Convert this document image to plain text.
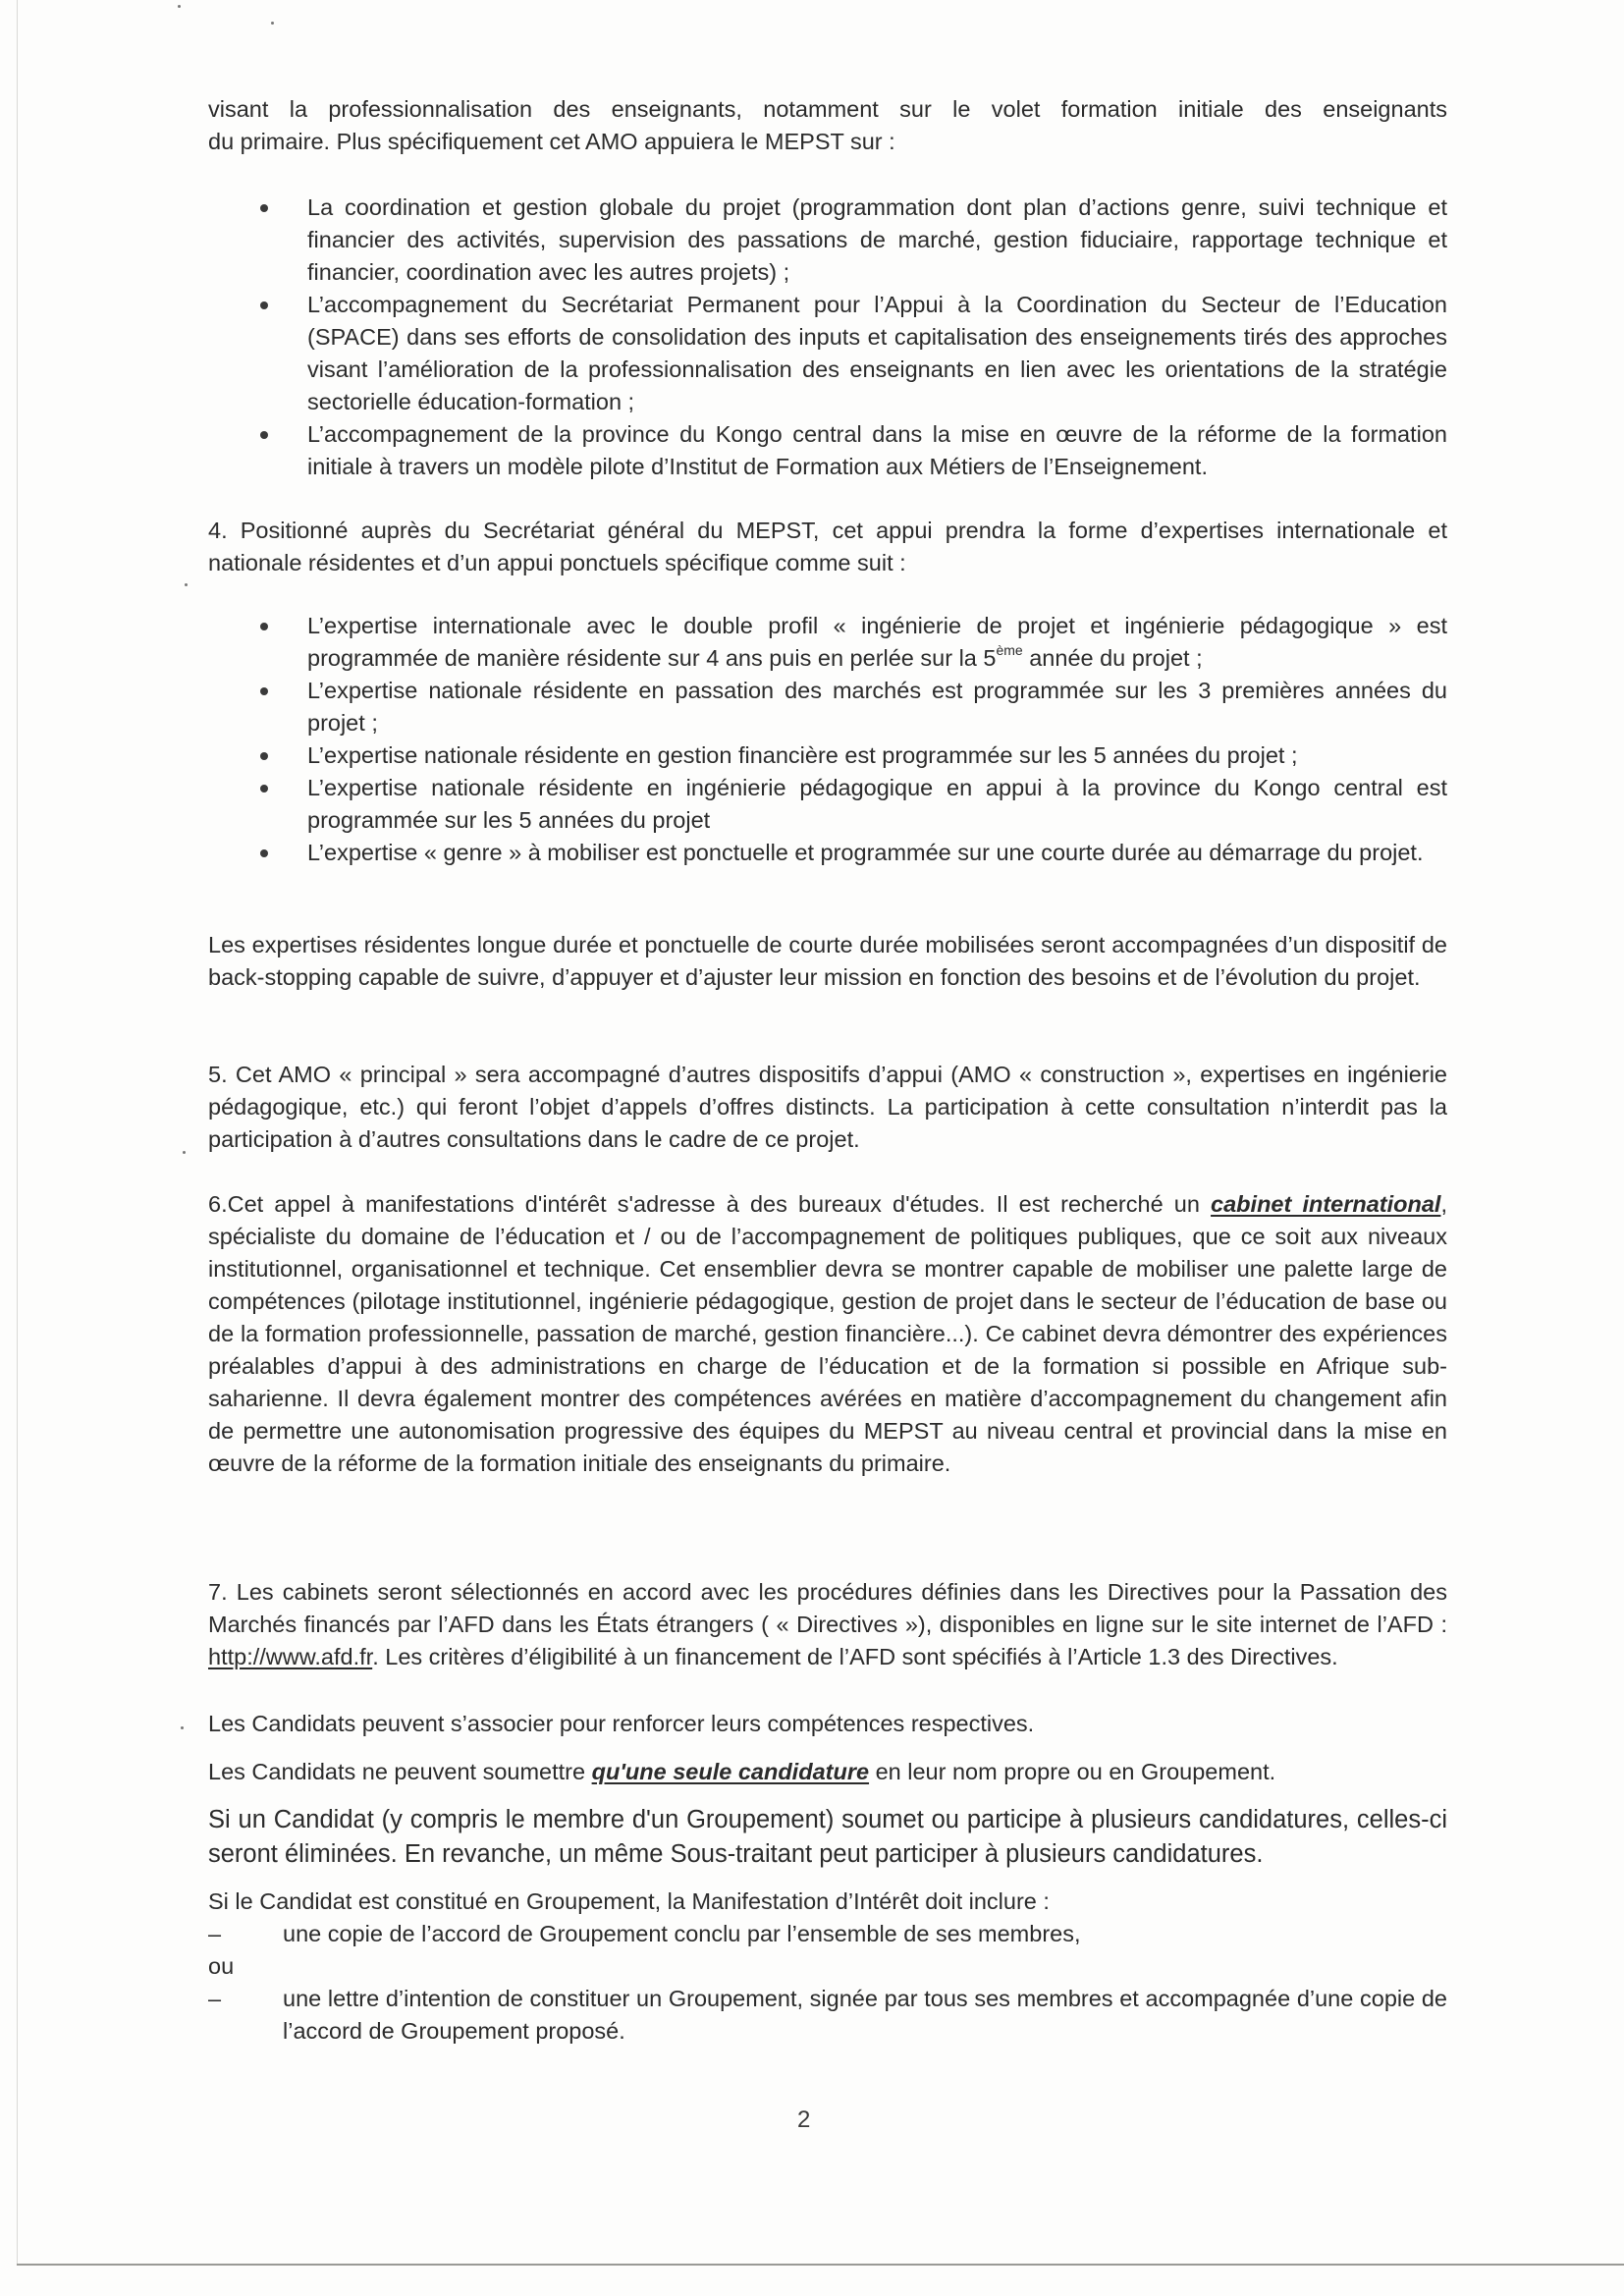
visant la professionnalisation des enseignants, notamment sur le volet formation initiale des enseignants

du primaire. Plus spécifiquement cet AMO appuiera le MEPST sur :

La coordination et gestion globale du projet (programmation dont plan d’actions genre, suivi technique et financier des activités, supervision des passations de marché, gestion fiduciaire, rapportage technique et financier, coordination avec les autres projets) ;
L’accompagnement du Secrétariat Permanent pour l’Appui à la Coordination du Secteur de l’Education (SPACE) dans ses efforts de consolidation des inputs et capitalisation des enseignements tirés des approches visant l’amélioration de la professionnalisation des enseignants en lien avec les orientations de la stratégie sectorielle éducation-formation ;
L’accompagnement de la province du Kongo central dans la mise en œuvre de la réforme de la formation initiale à travers un modèle pilote d’Institut de Formation aux Métiers de l’Enseignement.

4. Positionné auprès du Secrétariat général du MEPST, cet appui prendra la forme d’expertises internationale et nationale résidentes et d’un appui ponctuels spécifique comme suit :

L’expertise internationale avec le double profil « ingénierie de projet et ingénierie pédagogique » est programmée de manière résidente sur 4 ans puis en perlée sur la 5ème année du projet ;
L’expertise nationale résidente en passation des marchés est programmée sur les 3 premières années du projet ;
L’expertise nationale résidente en gestion financière est programmée sur les 5 années du projet ;
L’expertise nationale résidente en ingénierie pédagogique en appui à la province du Kongo central est programmée sur les 5 années du projet
L’expertise « genre » à mobiliser est ponctuelle et programmée sur une courte durée au démarrage du projet.

Les expertises résidentes longue durée et ponctuelle de courte durée mobilisées seront accompagnées d’un dispositif de back-stopping capable de suivre, d’appuyer et d’ajuster leur mission en fonction des besoins et de l’évolution du projet.

5. Cet AMO « principal » sera accompagné d’autres dispositifs d’appui (AMO « construction », expertises en ingénierie pédagogique, etc.) qui feront l’objet d’appels d’offres distincts. La participation à cette consultation n’interdit pas la participation à d’autres consultations dans le cadre de ce projet.

6.Cet appel à manifestations d'intérêt s'adresse à des bureaux d'études. Il est recherché un cabinet international, spécialiste du domaine de l’éducation et / ou de l’accompagnement de politiques publiques, que ce soit aux niveaux institutionnel, organisationnel et technique. Cet ensemblier devra se montrer capable de mobiliser une palette large de compétences (pilotage institutionnel, ingénierie pédagogique, gestion de projet dans le secteur de l’éducation de base ou de la formation professionnelle, passation de marché, gestion financière...). Ce cabinet devra démontrer des expériences préalables d’appui à des administrations en charge de l’éducation et de la formation si possible en Afrique sub-saharienne. Il devra également montrer des compétences avérées en matière d’accompagnement du changement afin de permettre une autonomisation progressive des équipes du MEPST au niveau central et provincial dans la mise en œuvre de la réforme de la formation initiale des enseignants du primaire.

7. Les cabinets seront sélectionnés en accord avec les procédures définies dans les Directives pour la Passation des Marchés financés par l’AFD dans les États étrangers ( « Directives »), disponibles en ligne sur le site internet de l’AFD : http://www.afd.fr. Les critères d’éligibilité à un financement de l’AFD sont spécifiés à l’Article 1.3 des Directives.

Les Candidats peuvent s’associer pour renforcer leurs compétences respectives.

Les Candidats ne peuvent soumettre qu'une seule candidature en leur nom propre ou en Groupement.

Si un Candidat (y compris le membre d'un Groupement) soumet ou participe à plusieurs candidatures, celles-ci seront éliminées. En revanche, un même Sous-traitant peut participer à plusieurs candidatures.

Si le Candidat est constitué en Groupement, la Manifestation d’Intérêt doit inclure :

–	une copie de l’accord de Groupement conclu par l’ensemble de ses membres,

ou

–	une lettre d’intention de constituer un Groupement, signée par tous ses membres et accompagnée d’une copie de l’accord de Groupement proposé.

2
